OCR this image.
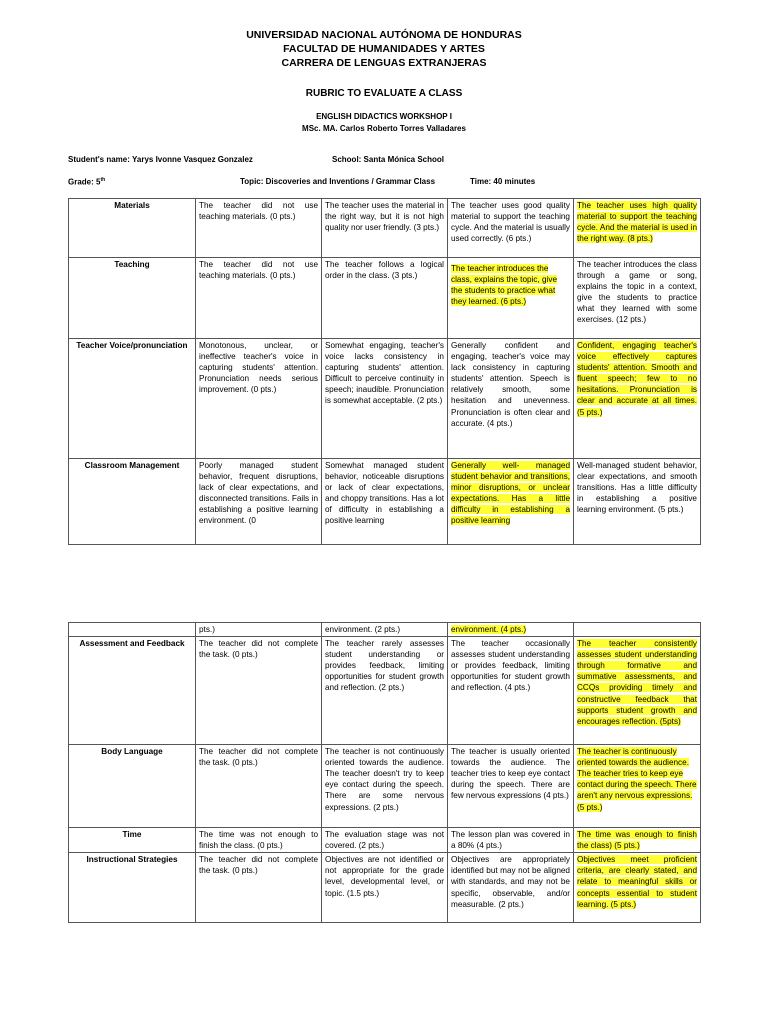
UNIVERSIDAD NACIONAL AUTÓNOMA DE HONDURAS
FACULTAD DE HUMANIDADES Y ARTES
CARRERA DE LENGUAS EXTRANJERAS
RUBRIC TO EVALUATE A CLASS
ENGLISH DIDACTICS WORKSHOP I
MSc. MA. Carlos Roberto Torres Valladares
Student's name: Yarys Ivonne Vasquez Gonzalez	School: Santa Mónica School
Grade: 5th	Topic: Discoveries and Inventions / Grammar Class	Time: 40 minutes
Materials	The teacher did not use teaching materials. (0 pts.)	The teacher uses the material in the right way, but it is not high quality nor user friendly. (3 pts.)	The teacher uses good quality material to support the teaching cycle. And the material is usually used correctly. (6 pts.)	The teacher uses high quality material to support the teaching cycle. And the material is used in the right way. (8 pts.)
Teaching	The teacher did not use teaching materials. (0 pts.)	The teacher follows a logical order in the class. (3 pts.)	The teacher introduces the class, explains the topic, give the students to practice what they learned. (6 pts.)	The teacher introduces the class through a game or song, explains the topic in a context, give the students to practice what they learned with some exercises. (12 pts.)
Teacher Voice/pronunciation	Monotonous, unclear, or ineffective teacher's voice in capturing students' attention. Pronunciation needs serious improvement. (0 pts.)	Somewhat engaging, teacher's voice lacks consistency in capturing students' attention. Difficult to perceive continuity in speech; inaudible. Pronunciation is somewhat acceptable. (2 pts.)	Generally confident and engaging, teacher's voice may lack consistency in capturing students' attention. Speech is relatively smooth, some hesitation and unevenness. Pronunciation is often clear and accurate. (4 pts.)	Confident, engaging teacher's voice effectively captures students' attention. Smooth and fluent speech; few to no hesitations. Pronunciation is clear and accurate at all times. (5 pts.)
Classroom Management	Poorly managed student behavior, frequent disruptions, lack of clear expectations, and disconnected transitions. Fails in establishing a positive learning environment. (0	Somewhat managed student behavior, noticeable disruptions or lack of clear expectations, and choppy transitions. Has a lot of difficulty in establishing a positive learning	Generally well- managed student behavior and transitions, minor disruptions, or unclear expectations. Has a little difficulty in establishing a positive learning	Well-managed student behavior, clear expectations, and smooth transitions. Has a little difficulty in establishing a positive learning environment. (5 pts.)
	pts.)	environment. (2 pts.)	environment. (4 pts.)	
Assessment and Feedback	The teacher did not complete the task. (0 pts.)	The teacher rarely assesses student understanding or provides feedback, limiting opportunities for student growth and reflection. (2 pts.)	The teacher occasionally assesses student understanding or provides feedback, limiting opportunities for student growth and reflection. (4 pts.)	The teacher consistently assesses student understanding through formative and summative assessments, and CCQs providing timely and constructive feedback that supports student growth and encourages reflection. (5pts)
Body Language	The teacher did not complete the task. (0 pts.)	The teacher is not continuously oriented towards the audience. The teacher doesn't try to keep eye contact during the speech. There are some nervous expressions. (2 pts.)	The teacher is usually oriented towards the audience. The teacher tries to keep eye contact during the speech. There are few nervous expressions (4 pts.)	The teacher is continuously oriented towards the audience. The teacher tries to keep eye contact during the speech. There aren't any nervous expressions. (5 pts.)
Time	The time was not enough to finish the class. (0 pts.)	The evaluation stage was not covered. (2 pts.)	The lesson plan was covered in a 80% (4 pts.)	The time was enough to finish the class) (5 pts.)
Instructional Strategies	The teacher did not complete the task. (0 pts.)	Objectives are not identified or not appropriate for the grade level, developmental level, or topic. (1.5 pts.)	Objectives are appropriately identified but may not be aligned with standards, and may not be specific, observable, and/or measurable. (2 pts.)	Objectives meet proficient criteria, are clearly stated, and relate to meaningful skills or concepts essential to student learning. (5 pts.)
